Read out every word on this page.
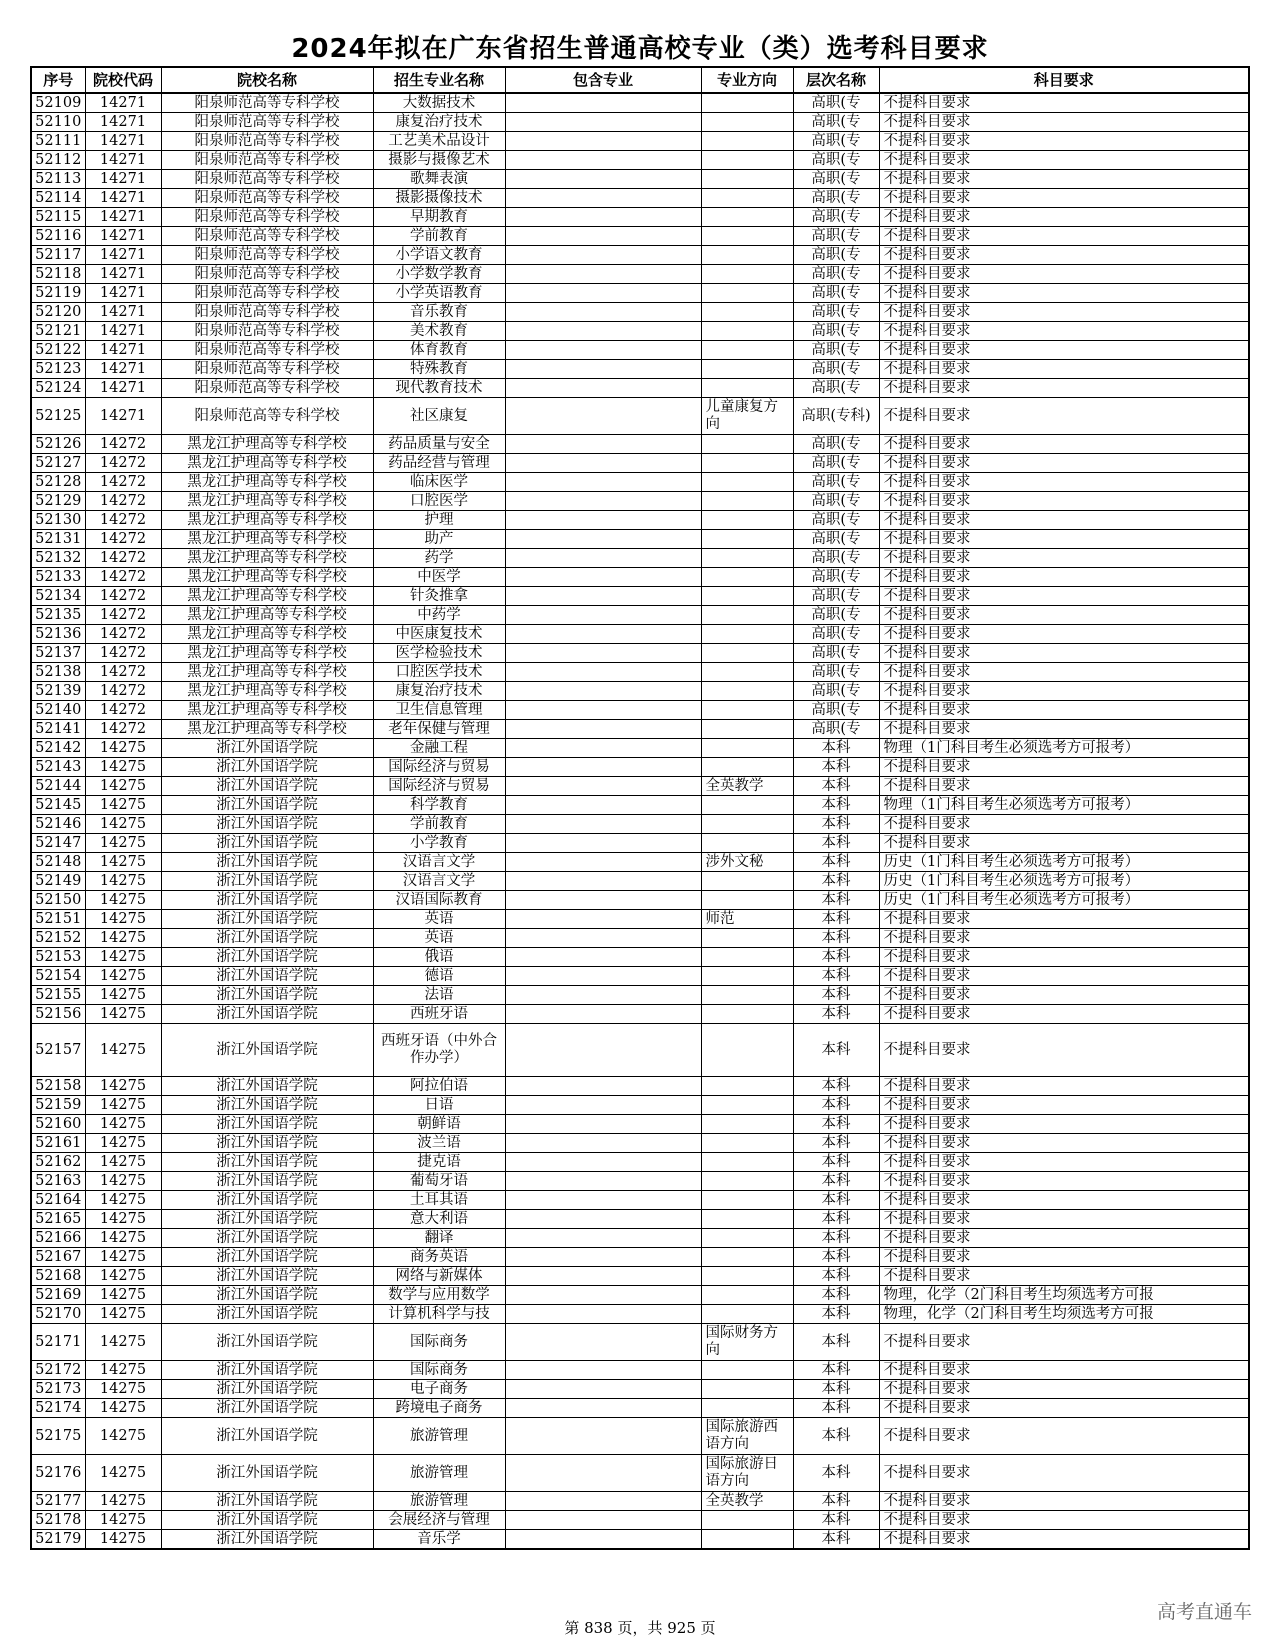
2024年拟在广东省招生普通高校专业（类）选考科目要求
序号	院校代码	院校名称	招生专业名称	包含专业	专业方向	层次名称	科目要求
52109	14271	阳泉师范高等专科学校	大数据技术			高职(专	不提科目要求
52110	14271	阳泉师范高等专科学校	康复治疗技术			高职(专	不提科目要求
52111	14271	阳泉师范高等专科学校	工艺美术品设计			高职(专	不提科目要求
52112	14271	阳泉师范高等专科学校	摄影与摄像艺术			高职(专	不提科目要求
52113	14271	阳泉师范高等专科学校	歌舞表演			高职(专	不提科目要求
52114	14271	阳泉师范高等专科学校	摄影摄像技术			高职(专	不提科目要求
52115	14271	阳泉师范高等专科学校	早期教育			高职(专	不提科目要求
52116	14271	阳泉师范高等专科学校	学前教育			高职(专	不提科目要求
52117	14271	阳泉师范高等专科学校	小学语文教育			高职(专	不提科目要求
52118	14271	阳泉师范高等专科学校	小学数学教育			高职(专	不提科目要求
52119	14271	阳泉师范高等专科学校	小学英语教育			高职(专	不提科目要求
52120	14271	阳泉师范高等专科学校	音乐教育			高职(专	不提科目要求
52121	14271	阳泉师范高等专科学校	美术教育			高职(专	不提科目要求
52122	14271	阳泉师范高等专科学校	体育教育			高职(专	不提科目要求
52123	14271	阳泉师范高等专科学校	特殊教育			高职(专	不提科目要求
52124	14271	阳泉师范高等专科学校	现代教育技术			高职(专	不提科目要求
52125	14271	阳泉师范高等专科学校	社区康复		儿童康复方向	高职(专科)	不提科目要求
52126	14272	黑龙江护理高等专科学校	药品质量与安全			高职(专	不提科目要求
52127	14272	黑龙江护理高等专科学校	药品经营与管理			高职(专	不提科目要求
52128	14272	黑龙江护理高等专科学校	临床医学			高职(专	不提科目要求
52129	14272	黑龙江护理高等专科学校	口腔医学			高职(专	不提科目要求
52130	14272	黑龙江护理高等专科学校	护理			高职(专	不提科目要求
52131	14272	黑龙江护理高等专科学校	助产			高职(专	不提科目要求
52132	14272	黑龙江护理高等专科学校	药学			高职(专	不提科目要求
52133	14272	黑龙江护理高等专科学校	中医学			高职(专	不提科目要求
52134	14272	黑龙江护理高等专科学校	针灸推拿			高职(专	不提科目要求
52135	14272	黑龙江护理高等专科学校	中药学			高职(专	不提科目要求
52136	14272	黑龙江护理高等专科学校	中医康复技术			高职(专	不提科目要求
52137	14272	黑龙江护理高等专科学校	医学检验技术			高职(专	不提科目要求
52138	14272	黑龙江护理高等专科学校	口腔医学技术			高职(专	不提科目要求
52139	14272	黑龙江护理高等专科学校	康复治疗技术			高职(专	不提科目要求
52140	14272	黑龙江护理高等专科学校	卫生信息管理			高职(专	不提科目要求
52141	14272	黑龙江护理高等专科学校	老年保健与管理			高职(专	不提科目要求
52142	14275	浙江外国语学院	金融工程			本科	物理（1门科目考生必须选考方可报考）
52143	14275	浙江外国语学院	国际经济与贸易			本科	不提科目要求
52144	14275	浙江外国语学院	国际经济与贸易		全英教学	本科	不提科目要求
52145	14275	浙江外国语学院	科学教育			本科	物理（1门科目考生必须选考方可报考）
52146	14275	浙江外国语学院	学前教育			本科	不提科目要求
52147	14275	浙江外国语学院	小学教育			本科	不提科目要求
52148	14275	浙江外国语学院	汉语言文学		涉外文秘	本科	历史（1门科目考生必须选考方可报考）
52149	14275	浙江外国语学院	汉语言文学			本科	历史（1门科目考生必须选考方可报考）
52150	14275	浙江外国语学院	汉语国际教育			本科	历史（1门科目考生必须选考方可报考）
52151	14275	浙江外国语学院	英语		师范	本科	不提科目要求
52152	14275	浙江外国语学院	英语			本科	不提科目要求
52153	14275	浙江外国语学院	俄语			本科	不提科目要求
52154	14275	浙江外国语学院	德语			本科	不提科目要求
52155	14275	浙江外国语学院	法语			本科	不提科目要求
52156	14275	浙江外国语学院	西班牙语			本科	不提科目要求
52157	14275	浙江外国语学院	西班牙语（中外合作办学）			本科	不提科目要求
52158	14275	浙江外国语学院	阿拉伯语			本科	不提科目要求
52159	14275	浙江外国语学院	日语			本科	不提科目要求
52160	14275	浙江外国语学院	朝鲜语			本科	不提科目要求
52161	14275	浙江外国语学院	波兰语			本科	不提科目要求
52162	14275	浙江外国语学院	捷克语			本科	不提科目要求
52163	14275	浙江外国语学院	葡萄牙语			本科	不提科目要求
52164	14275	浙江外国语学院	土耳其语			本科	不提科目要求
52165	14275	浙江外国语学院	意大利语			本科	不提科目要求
52166	14275	浙江外国语学院	翻译			本科	不提科目要求
52167	14275	浙江外国语学院	商务英语			本科	不提科目要求
52168	14275	浙江外国语学院	网络与新媒体			本科	不提科目要求
52169	14275	浙江外国语学院	数学与应用数学			本科	物理，化学（2门科目考生均须选考方可报
52170	14275	浙江外国语学院	计算机科学与技			本科	物理，化学（2门科目考生均须选考方可报
52171	14275	浙江外国语学院	国际商务		国际财务方向	本科	不提科目要求
52172	14275	浙江外国语学院	国际商务			本科	不提科目要求
52173	14275	浙江外国语学院	电子商务			本科	不提科目要求
52174	14275	浙江外国语学院	跨境电子商务			本科	不提科目要求
52175	14275	浙江外国语学院	旅游管理		国际旅游西语方向	本科	不提科目要求
52176	14275	浙江外国语学院	旅游管理		国际旅游日语方向	本科	不提科目要求
52177	14275	浙江外国语学院	旅游管理		全英教学	本科	不提科目要求
52178	14275	浙江外国语学院	会展经济与管理			本科	不提科目要求
52179	14275	浙江外国语学院	音乐学			本科	不提科目要求
第 838 页，共 925 页
高考直通车
